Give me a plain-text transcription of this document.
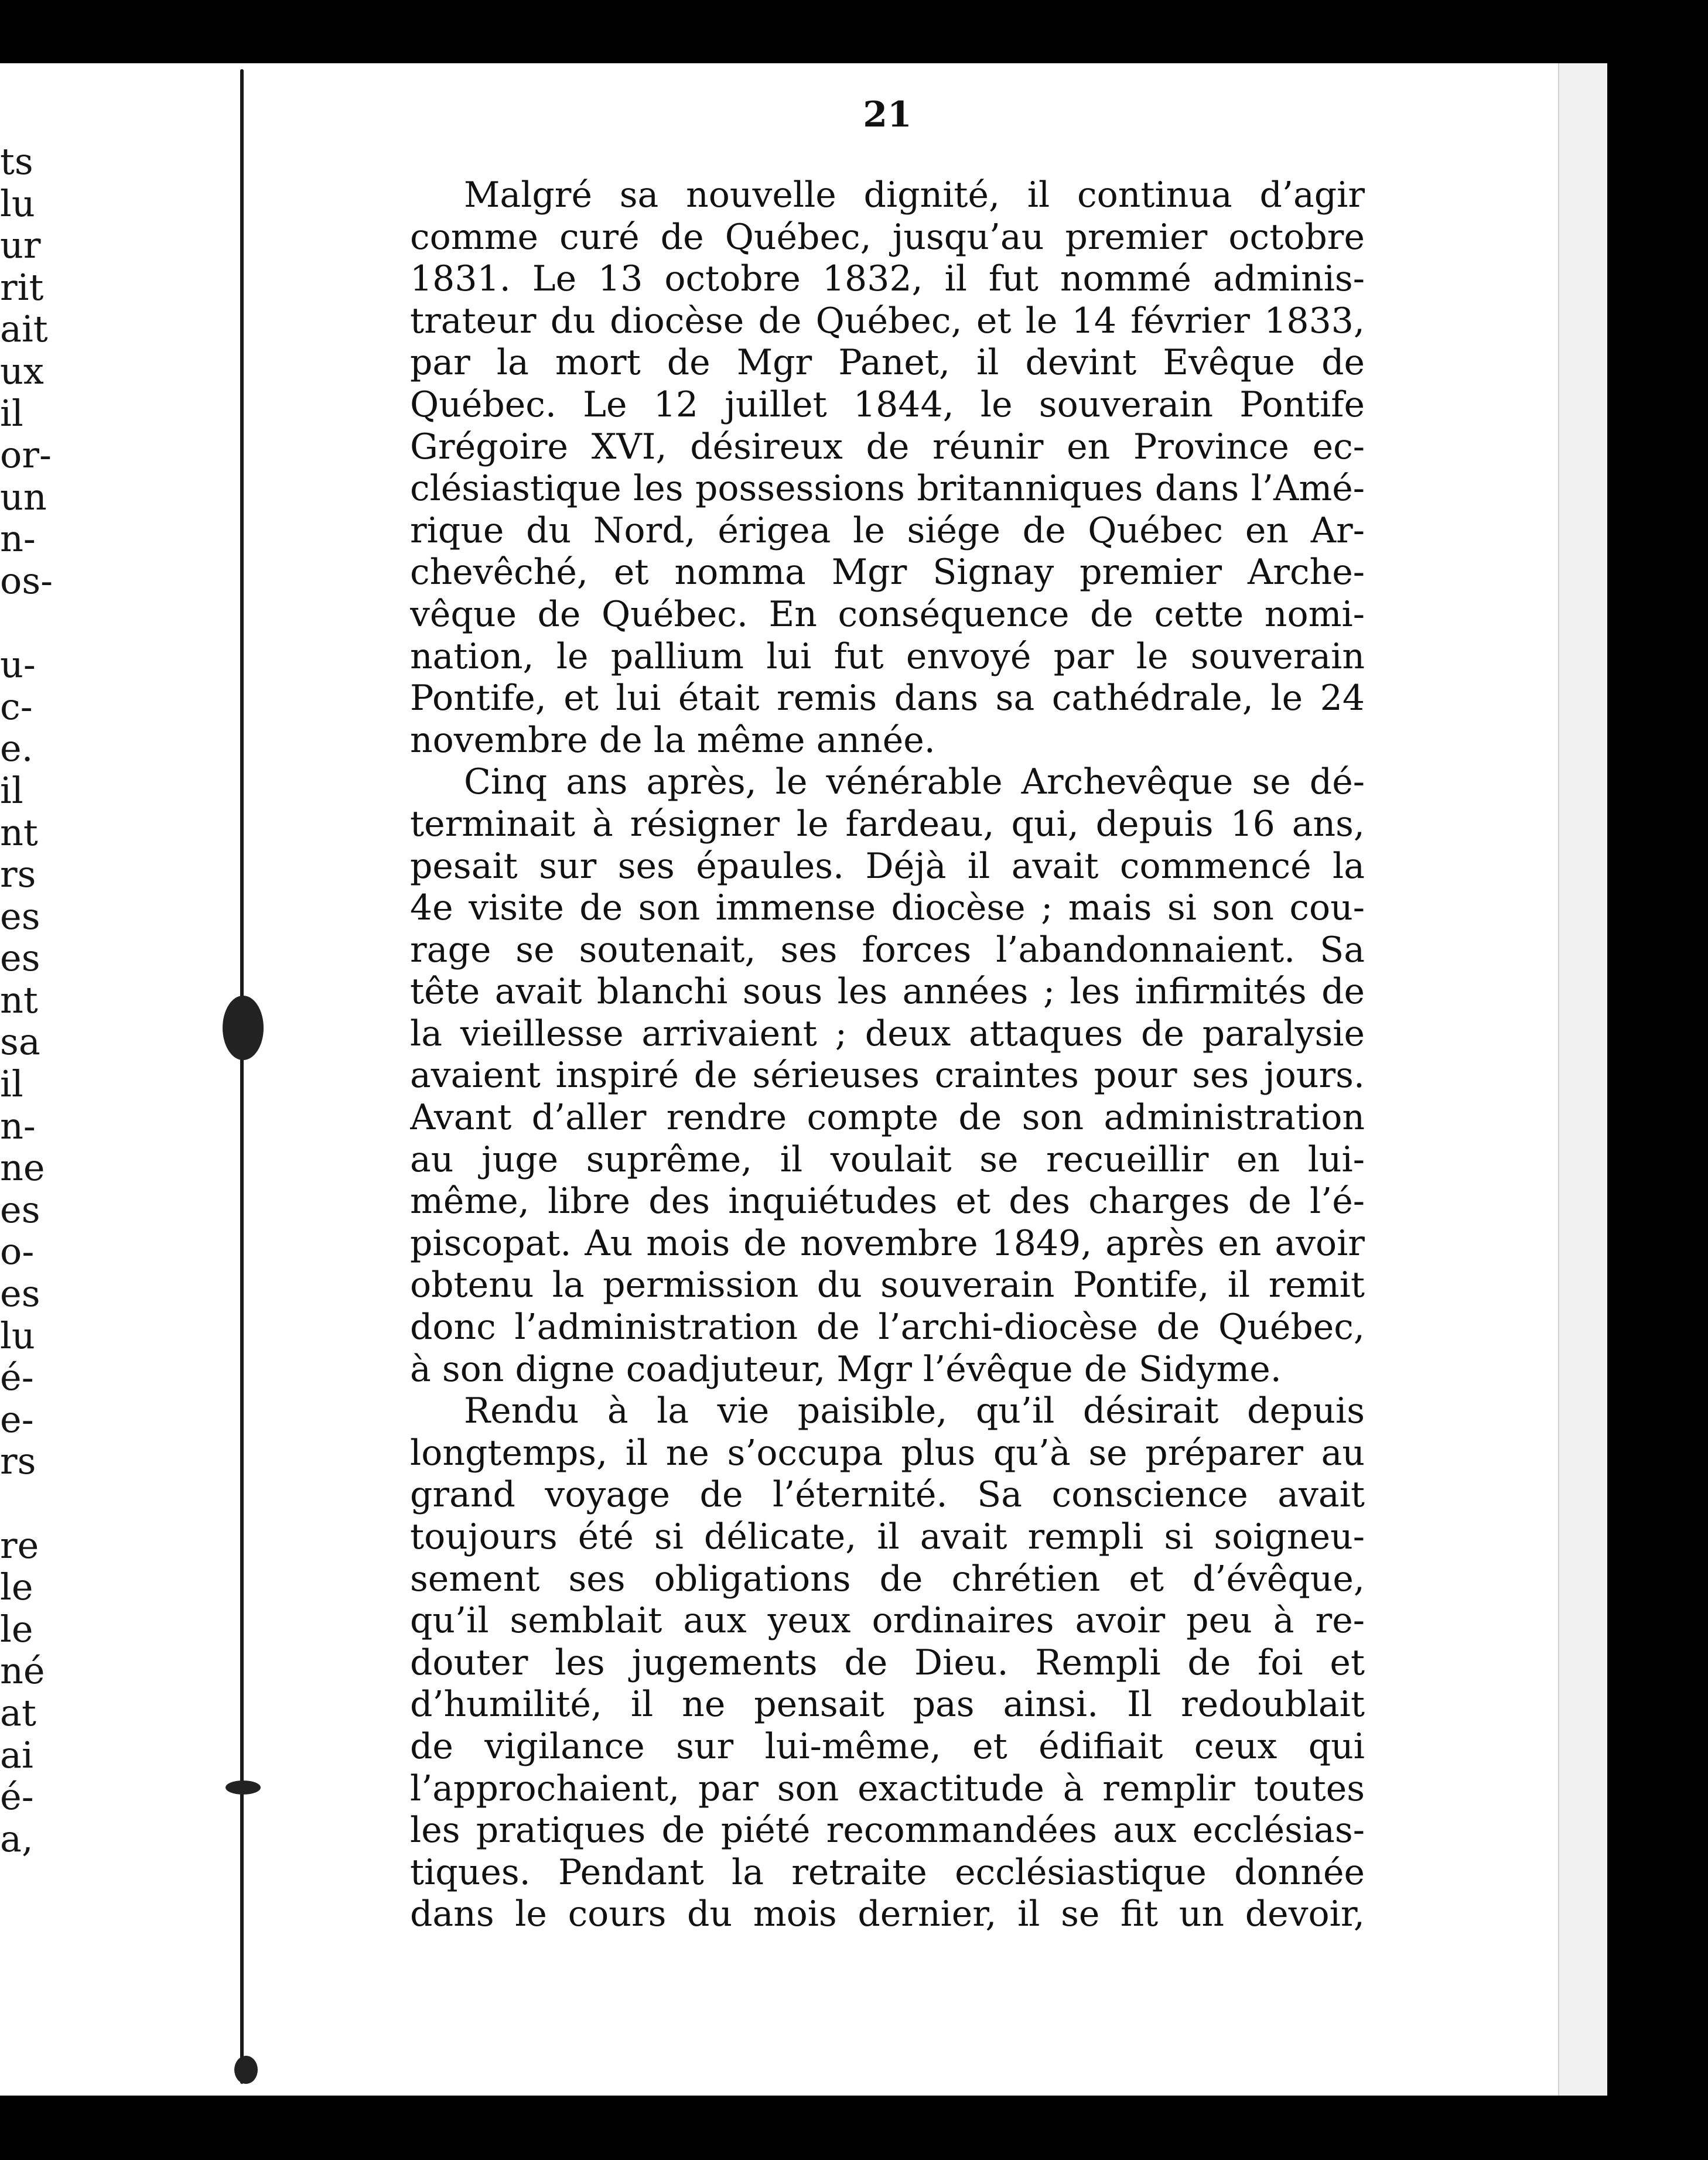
ts
lu
ur
rit
ait
ux
il
or-
un
n-
os-
u-
c-
e.
il
nt
rs
es
es
nt
sa
il
n-
ne
es
o-
es
lu
é-
e-
rs
re
le
le
né
at
ai
é-
a,
21
Malgré sa nouvelle dignité, il continua d’agir
comme curé de Québec, jusqu’au premier octobre
1831. Le 13 octobre 1832, il fut nommé adminis-
trateur du diocèse de Québec, et le 14 février 1833,
par la mort de Mgr Panet, il devint Evêque de
Québec. Le 12 juillet 1844, le souverain Pontife
Grégoire XVI, désireux de réunir en Province ec-
clésiastique les possessions britanniques dans l’Amé-
rique du Nord, érigea le siége de Québec en Ar-
chevêché, et nomma Mgr Signay premier Arche-
vêque de Québec. En conséquence de cette nomi-
nation, le pallium lui fut envoyé par le souverain
Pontife, et lui était remis dans sa cathédrale, le 24
novembre de la même année.
Cinq ans après, le vénérable Archevêque se dé-
terminait à résigner le fardeau, qui, depuis 16 ans,
pesait sur ses épaules. Déjà il avait commencé la
4e visite de son immense diocèse ; mais si son cou-
rage se soutenait, ses forces l’abandonnaient. Sa
tête avait blanchi sous les années ; les infirmités de
la vieillesse arrivaient ; deux attaques de paralysie
avaient inspiré de sérieuses craintes pour ses jours.
Avant d’aller rendre compte de son administration
au juge suprême, il voulait se recueillir en lui-
même, libre des inquiétudes et des charges de l’é-
piscopat. Au mois de novembre 1849, après en avoir
obtenu la permission du souverain Pontife, il remit
donc l’administration de l’archi-diocèse de Québec,
à son digne coadjuteur, Mgr l’évêque de Sidyme.
Rendu à la vie paisible, qu’il désirait depuis
longtemps, il ne s’occupa plus qu’à se préparer au
grand voyage de l’éternité. Sa conscience avait
toujours été si délicate, il avait rempli si soigneu-
sement ses obligations de chrétien et d’évêque,
qu’il semblait aux yeux ordinaires avoir peu à re-
douter les jugements de Dieu. Rempli de foi et
d’humilité, il ne pensait pas ainsi. Il redoublait
de vigilance sur lui-même, et édifiait ceux qui
l’approchaient, par son exactitude à remplir toutes
les pratiques de piété recommandées aux ecclésias-
tiques. Pendant la retraite ecclésiastique donnée
dans le cours du mois dernier, il se fit un devoir,
